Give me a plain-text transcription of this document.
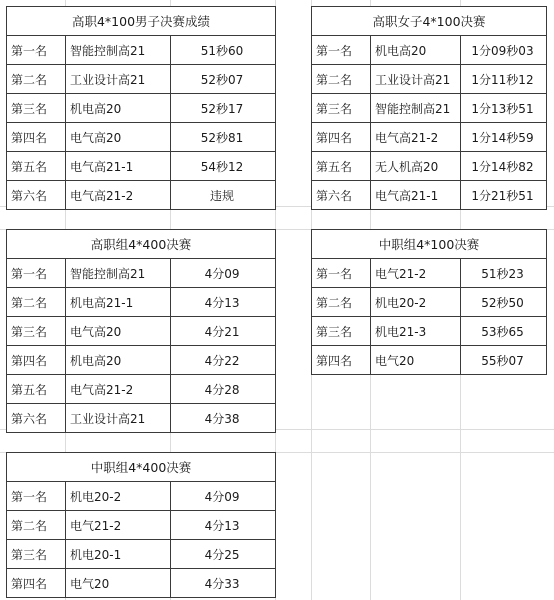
高职4*100男子决赛成绩		
第一名	智能控制高21	51秒60
第二名	工业设计高21	52秒07
第三名	机电高20	52秒17
第四名	电气高20	52秒81
第五名	电气高21-1	54秒12
第六名	电气高21-2	违规
高职女子4*100决赛		
第一名	机电高20	1分09秒03
第二名	工业设计高21	1分11秒12
第三名	智能控制高21	1分13秒51
第四名	电气高21-2	1分14秒59
第五名	无人机高20	1分14秒82
第六名	电气高21-1	1分21秒51
高职组4*400决赛		
第一名	智能控制高21	4分09
第二名	机电高21-1	4分13
第三名	电气高20	4分21
第四名	机电高20	4分22
第五名	电气高21-2	4分28
第六名	工业设计高21	4分38
中职组4*100决赛		
第一名	电气21-2	51秒23
第二名	机电20-2	52秒50
第三名	机电21-3	53秒65
第四名	电气20	55秒07
中职组4*400决赛		
第一名	机电20-2	4分09
第二名	电气21-2	4分13
第三名	机电20-1	4分25
第四名	电气20	4分33
